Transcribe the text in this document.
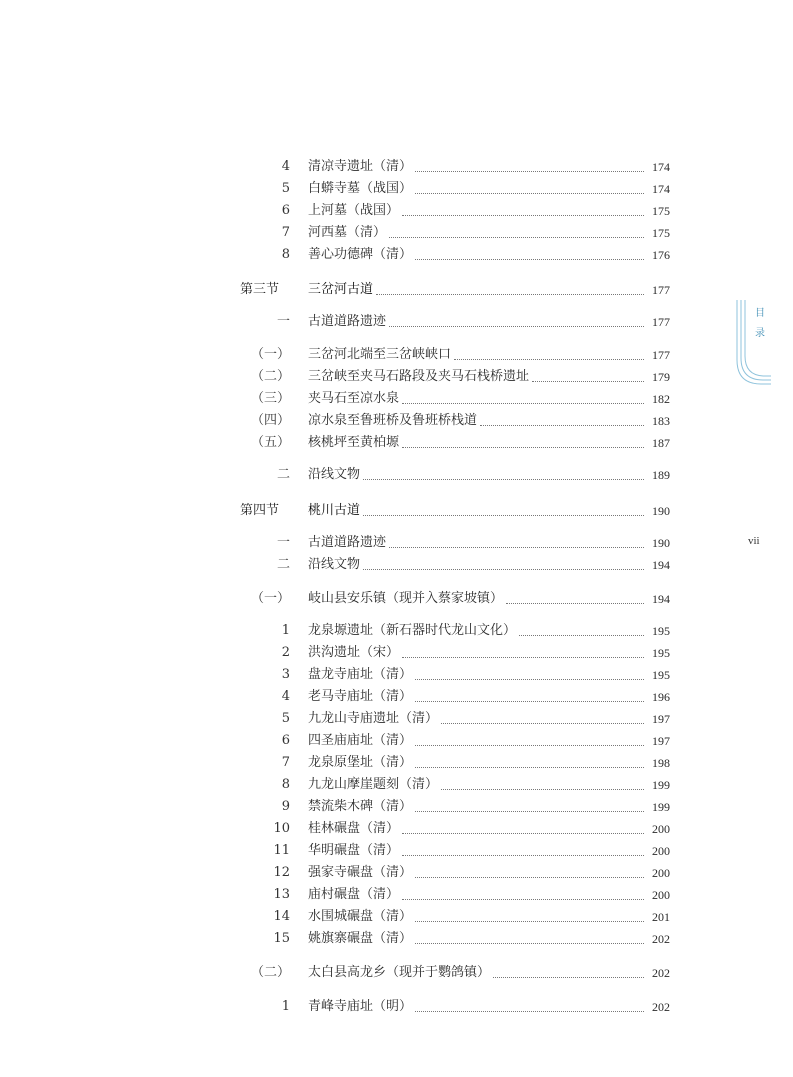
4 清凉寺遗址（清）	174
5 白蟒寺墓（战国）	174
6 上河墓（战国）	175
7 河西墓（清）	175
8 善心功德碑（清）	176
第三节	三岔河古道	177
一 古道道路遗迹	177
（一） 三岔河北端至三岔峡峡口	177
（二） 三岔峡至夹马石路段及夹马石栈桥遗址	179
（三） 夹马石至凉水泉	182
（四） 凉水泉至鲁班桥及鲁班桥栈道	183
（五） 核桃坪至黄柏塬	187
二 沿线文物	189
第四节	桃川古道	190
一 古道道路遗迹	190
二 沿线文物	194
（一） 岐山县安乐镇（现并入蔡家坡镇）	194
1 龙泉塬遗址（新石器时代龙山文化）	195
2 洪沟遗址（宋）	195
3 盘龙寺庙址（清）	195
4 老马寺庙址（清）	196
5 九龙山寺庙遗址（清）	197
6 四圣庙庙址（清）	197
7 龙泉原堡址（清）	198
8 九龙山摩崖题刻（清）	199
9 禁流柴木碑（清）	199
10 桂林碾盘（清）	200
11 华明碾盘（清）	200
12 强家寺碾盘（清）	200
13 庙村碾盘（清）	200
14 水围城碾盘（清）	201
15 姚旗寨碾盘（清）	202
（二） 太白县高龙乡（现并于鹦鸽镇）	202
1 青峰寺庙址（明）	202
目
录
vii
